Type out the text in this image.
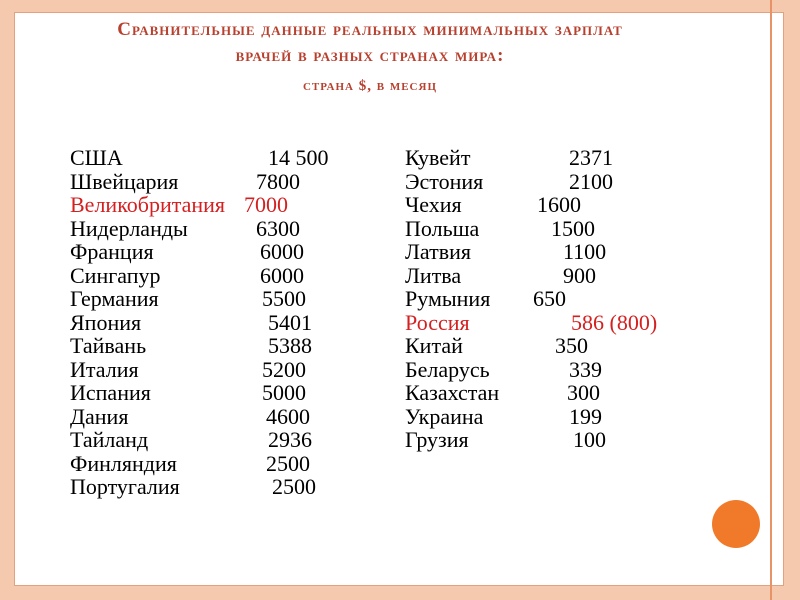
Сравнительные данные реальных минимальных зарплат
врачей в разных странах мира:
страна $, в месяц
США	14 500
Швейцария	7800
Великобритания 7000
Нидерланды	6300
Франция	6000
Сингапур	6000
Германия	5500
Япония	5401
Тайвань	5388
Италия	5200
Испания	5000
Дания	4600
Тайланд	2936
Финляндия	2500
Португалия	2500
Кувейт	2371
Эстония	2100
Чехия	1600
Польша	1500
Латвия	1100
Литва	900
Румыния 650
Россия	586 (800)
Китай	350
Беларусь	339
Казахстан	300
Украина	199
Грузия	100
